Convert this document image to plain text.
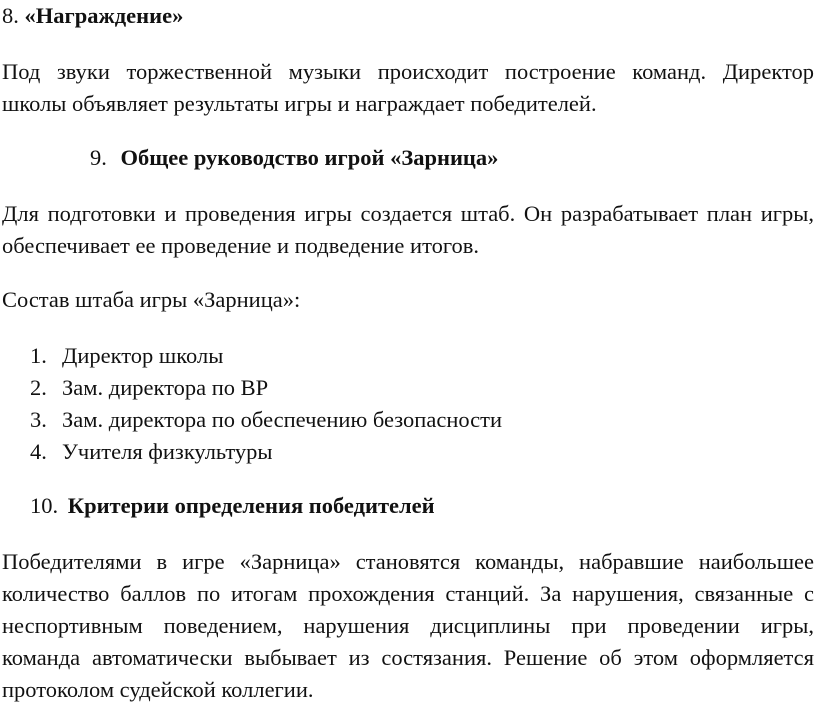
8. «Награждение»
Под звуки торжественной музыки происходит построение команд. Директор
школы объявляет результаты игры и награждает победителей.
9. Общее руководство игрой «Зарница»
Для подготовки и проведения игры создается штаб. Он разрабатывает план игры,
обеспечивает ее проведение и подведение итогов.
Состав штаба игры «Зарница»:
1. Директор школы
2. Зам. директора по ВР
3. Зам. директора по обеспечению безопасности
4. Учителя физкультуры
10. Критерии определения победителей
Победителями в игре «Зарница» становятся команды, набравшие наибольшее
количество баллов по итогам прохождения станций. За нарушения, связанные с
неспортивным поведением, нарушения дисциплины при проведении игры,
команда автоматически выбывает из состязания. Решение об этом оформляется
протоколом судейской коллегии.
